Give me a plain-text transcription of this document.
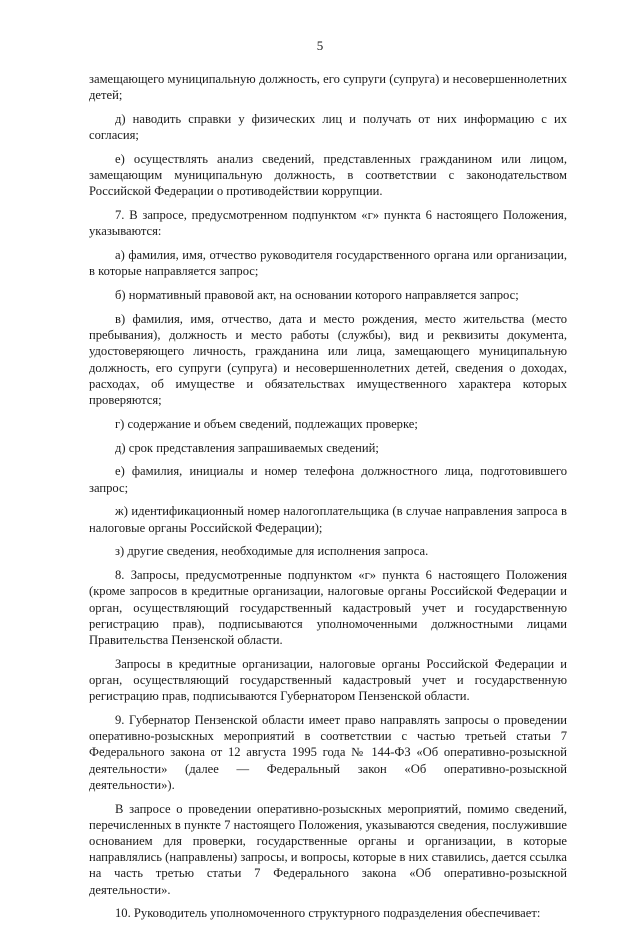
5

замещающего муниципальную должность, его супруги (супруга) и несовершеннолетних детей;

д) наводить справки у физических лиц и получать от них информацию с их согласия;

е) осуществлять анализ сведений, представленных гражданином или лицом, замещающим муниципальную должность, в соответствии с законодательством Российской Федерации о противодействии коррупции.

7. В запросе, предусмотренном подпунктом «г» пункта 6 настоящего Положения, указываются:

а) фамилия, имя, отчество руководителя государственного органа или организации, в которые направляется запрос;

б) нормативный правовой акт, на основании которого направляется запрос;

в) фамилия, имя, отчество, дата и место рождения, место жительства (место пребывания), должность и место работы (службы), вид и реквизиты документа, удостоверяющего личность, гражданина или лица, замещающего муниципальную должность, его супруги (супруга) и несовершеннолетних детей, сведения о доходах, расходах, об имуществе и обязательствах имущественного характера которых проверяются;

г) содержание и объем сведений, подлежащих проверке;

д) срок представления запрашиваемых сведений;

е) фамилия, инициалы и номер телефона должностного лица, подготовившего запрос;

ж) идентификационный номер налогоплательщика (в случае направления запроса в налоговые органы Российской Федерации);

з) другие сведения, необходимые для исполнения запроса.

8. Запросы, предусмотренные подпунктом «г» пункта 6 настоящего Положения (кроме запросов в кредитные организации, налоговые органы Российской Федерации и орган, осуществляющий государственный кадастровый учет и государственную регистрацию прав), подписываются уполномоченными должностными лицами Правительства Пензенской области.

Запросы в кредитные организации, налоговые органы Российской Федерации и орган, осуществляющий государственный кадастровый учет и государственную регистрацию прав, подписываются Губернатором Пензенской области.

9. Губернатор Пензенской области имеет право направлять запросы о проведении оперативно-розыскных мероприятий в соответствии с частью третьей статьи 7 Федерального закона от 12 августа 1995 года № 144-ФЗ «Об оперативно-розыскной деятельности» (далее — Федеральный закон «Об оперативно-розыскной деятельности»).

В запросе о проведении оперативно-розыскных мероприятий, помимо сведений, перечисленных в пункте 7 настоящего Положения, указываются сведения, послужившие основанием для проверки, государственные органы и организации, в которые направлялись (направлены) запросы, и вопросы, которые в них ставились, дается ссылка на часть третью статьи 7 Федерального закона «Об оперативно-розыскной деятельности».

10. Руководитель уполномоченного структурного подразделения обеспечивает:
